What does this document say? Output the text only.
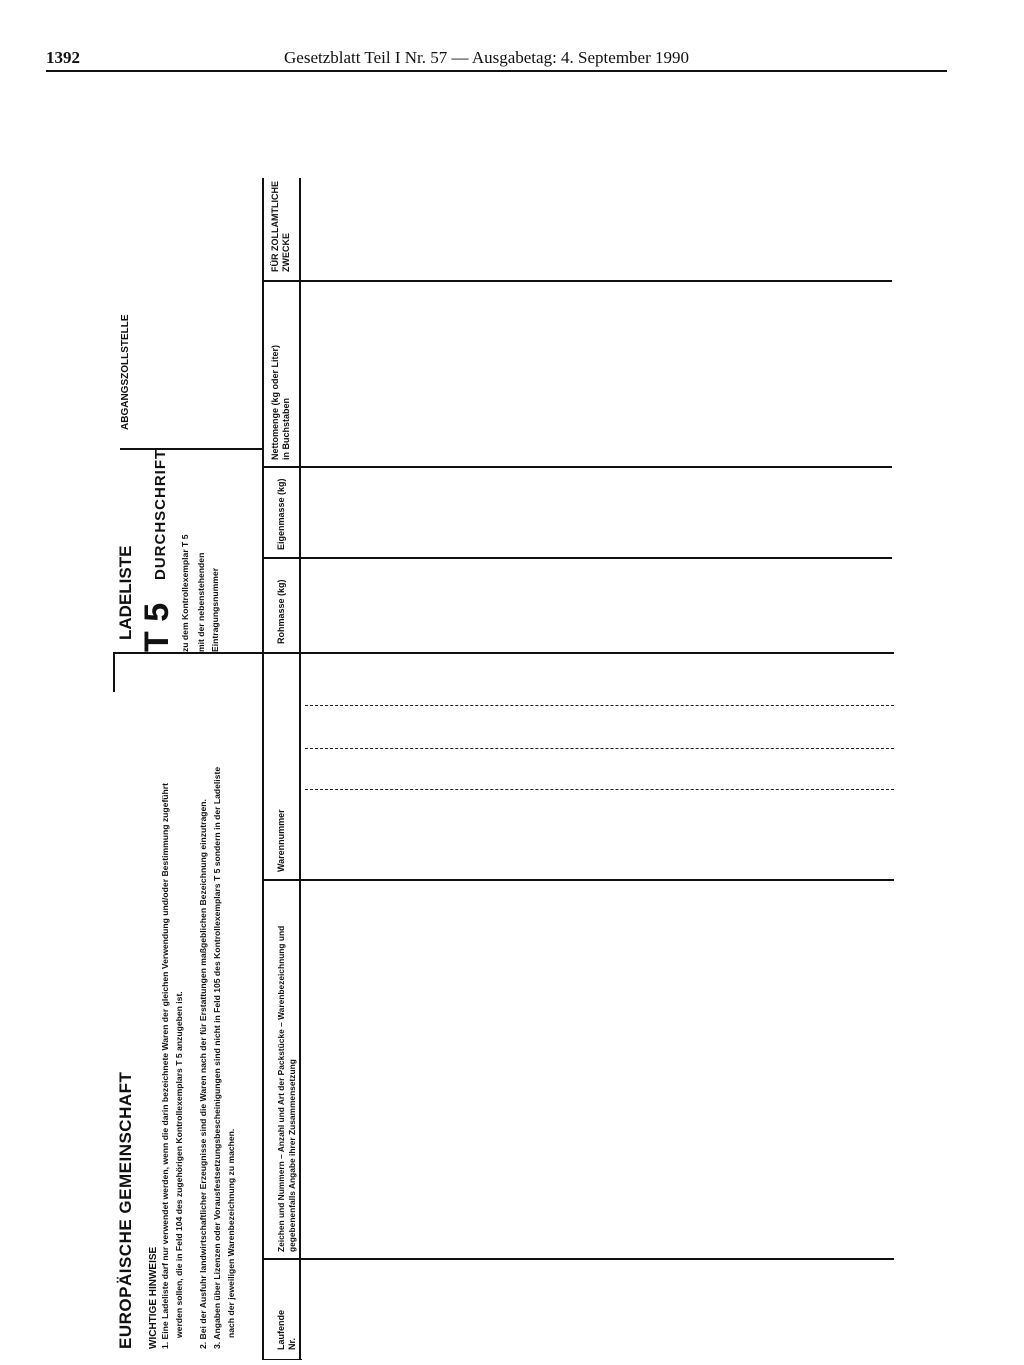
1392	Gesetzblatt Teil I Nr. 57 — Ausgabetag: 4. September 1990
EUROPÄISCHE GEMEINSCHAFT WICHTIGE HINWEISE 1. Eine Ladeliste darf nur verwendet werden, wenn die darin bezeichnete Waren der gleichen Verwendung und/oder Bestimmung zugeführt werden sollen, die in Feld 104 des zugehörigen Kontrollexemplars T 5 anzugeben ist. 2. Bei der Ausfuhr landwirtschaftlicher Erzeugnisse sind die Waren nach der für Erstattungen maßgeblichen Bezeichnung einzutragen. 3. Angaben über Lizenzen oder Vorausfestsetzungsbescheinigungen sind nicht in Feld 105 des Kontrollexemplars T 5 sondern in der Ladeliste nach der jeweiligen Warenbezeichnung zu machen.
LADELISTE T 5
DURCHSCHRIFT
zu dem Kontrollexemplar T 5 mit der nebenstehenden Eintragungsnummer
ABGANGSZOLLSTELLE
Laufende Nr.
Zeichen und Nummern – Anzahl und Art der Packstücke – Warenbezeichnung und gegebenenfalls Angabe ihrer Zusammensetzung
Warennummer
Rohmasse (kg)
Eigenmasse (kg)
Nettomenge (kg oder Liter) in Buchstaben
FÜR ZOLLAMTLICHE ZWECKE
